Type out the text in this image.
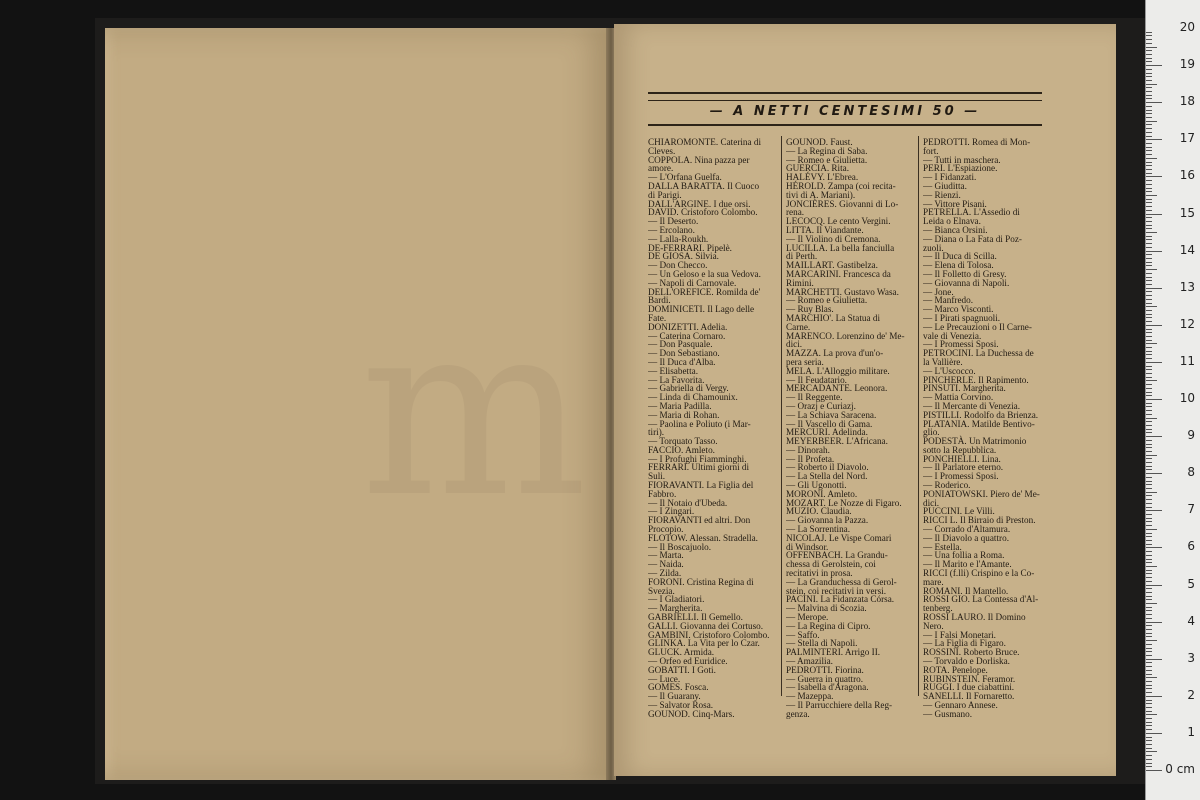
— A NETTI CENTESIMI 50 —
CHIAROMONTE. Caterina di
Cleves.
COPPOLA. Nina pazza per
amore.
— L'Orfana Guelfa.
DALLA BARATTA. Il Cuoco
di Parigi.
DALL'ARGINE. I due orsi.
DAVID. Cristoforo Colombo.
— Il Deserto.
— Ercolano.
— Lalla-Roukh.
DE-FERRARI. Pipelè.
DE GIOSA. Silvia.
— Don Checco.
— Un Geloso e la sua Vedova.
— Napoli di Carnovale.
DELL'OREFICE. Romilda de'
Bardi.
DOMINICETI. Il Lago delle
Fate.
DONIZETTI. Adelia.
— Caterina Cornaro.
— Don Pasquale.
— Don Sebastiano.
— Il Duca d'Alba.
— Elisabetta.
— La Favorita.
— Gabriella di Vergy.
— Linda di Chamounix.
— Maria Padilla.
— Maria di Rohan.
— Paolina e Poliuto (i Mar-
tiri).
— Torquato Tasso.
FACCIO. Amleto.
— I Profughi Fiamminghi.
FERRARI. Ultimi giorni di
Suli.
FIORAVANTI. La Figlia del
Fabbro.
— Il Notaio d'Ubeda.
— I Zingari.
FIORAVANTI ed altri. Don
Procopio.
FLOTOW. Alessan. Stradella.
— Il Boscajuolo.
— Marta.
— Naida.
— Zilda.
FORONI. Cristina Regina di
Svezia.
— I Gladiatori.
— Margherita.
GABRIELLI. Il Gemello.
GALLI. Giovanna dei Cortuso.
GAMBINI. Cristoforo Colombo.
GLINKA. La Vita per lo Czar.
GLUCK. Armida.
— Orfeo ed Euridice.
GOBATTI. I Goti.
— Luce.
GOMES. Fosca.
— Il Guarany.
— Salvator Rosa.
GOUNOD. Cinq-Mars.
GOUNOD. Faust.
— La Regina di Saba.
— Romeo e Giulietta.
GUERCIA. Rita.
HALÉVY. L'Ebrea.
HÉROLD. Zampa (coi recita-
tivi di A. Mariani).
JONCIÈRES. Giovanni di Lo-
rena.
LECOCQ. Le cento Vergini.
LITTA. Il Viandante.
— Il Violino di Cremona.
LUCILLA. La bella fanciulla
di Perth.
MAILLART. Gastibelza.
MARCARINI. Francesca da
Rimini.
MARCHETTI. Gustavo Wasa.
— Romeo e Giulietta.
— Ruy Blas.
MARCHIO'. La Statua di
Carne.
MARENCO. Lorenzino de' Me-
dici.
MAZZA. La prova d'un'o-
pera seria.
MELA. L'Alloggio militare.
— Il Feudatario.
MERCADANTE. Leonora.
— Il Reggente.
— Orazj e Curiazj.
— La Schiava Saracena.
— Il Vascello di Gama.
MERCURI. Adelinda.
MEYERBEER. L'Africana.
— Dinorah.
— Il Profeta.
— Roberto il Diavolo.
— La Stella del Nord.
— Gli Ugonotti.
MORONI. Amleto.
MOZART. Le Nozze di Figaro.
MUZIO. Claudia.
— Giovanna la Pazza.
— La Sorrentina.
NICOLAJ. Le Vispe Comari
di Windsor.
OFFENBACH. La Grandu-
chessa di Gerolstein, coi
recitativi in prosa.
— La Granduchessa di Gerol-
stein, coi recitativi in versi.
PACINI. La Fidanzata Córsa.
— Malvina di Scozia.
— Merope.
— La Regina di Cipro.
— Saffo.
— Stella di Napoli.
PALMINTERI. Arrigo II.
— Amazilia.
PEDROTTI. Fiorina.
— Guerra in quattro.
— Isabella d'Aragona.
— Mazeppa.
— Il Parrucchiere della Reg-
genza.
PEDROTTI. Romea di Mon-
fort.
— Tutti in maschera.
PERI. L'Espiazione.
— I Fidanzati.
— Giuditta.
— Rienzi.
— Vittore Pisani.
PETRELLA. L'Assedio di
Leida o Elnava.
— Bianca Orsini.
— Diana o La Fata di Poz-
zuoli.
— Il Duca di Scilla.
— Elena di Tolosa.
— Il Folletto di Gresy.
— Giovanna di Napoli.
— Jone.
— Manfredo.
— Marco Visconti.
— I Pirati spagnuoli.
— Le Precauzioni o Il Carne-
vale di Venezia.
— I Promessi Sposi.
PETROCINI. La Duchessa de
la Vallière.
— L'Uscocco.
PINCHERLE. Il Rapimento.
PINSUTI. Margherita.
— Mattia Corvino.
— Il Mercante di Venezia.
PISTILLI. Rodolfo da Brienza.
PLATANIA. Matilde Bentivo-
glio.
PODESTÀ. Un Matrimonio
sotto la Repubblica.
PONCHIELLI. Lina.
— Il Parlatore eterno.
— I Promessi Sposi.
— Roderico.
PONIATOWSKI. Piero de' Me-
dici.
PUCCINI. Le Villi.
RICCI L. Il Birraio di Preston.
— Corrado d'Altamura.
— Il Diavolo a quattro.
— Estella.
— Una follia a Roma.
— Il Marito e l'Amante.
RICCI (f.lli) Crispino e la Co-
mare.
ROMANI. Il Mantello.
ROSSI GIO. La Contessa d'Al-
tenberg.
ROSSI LAURO. Il Domino
Nero.
— I Falsi Monetari.
— La Figlia di Figaro.
ROSSINI. Roberto Bruce.
— Torvaldo e Dorliska.
ROTA. Penelope.
RUBINSTEIN. Feramor.
RUGGI. I due ciabattini.
SANELLI. Il Fornaretto.
— Gennaro Annese.
— Gusmano.
0 cm
1
2
3
4
5
6
7
8
9
10
11
12
13
14
15
16
17
18
19
20
